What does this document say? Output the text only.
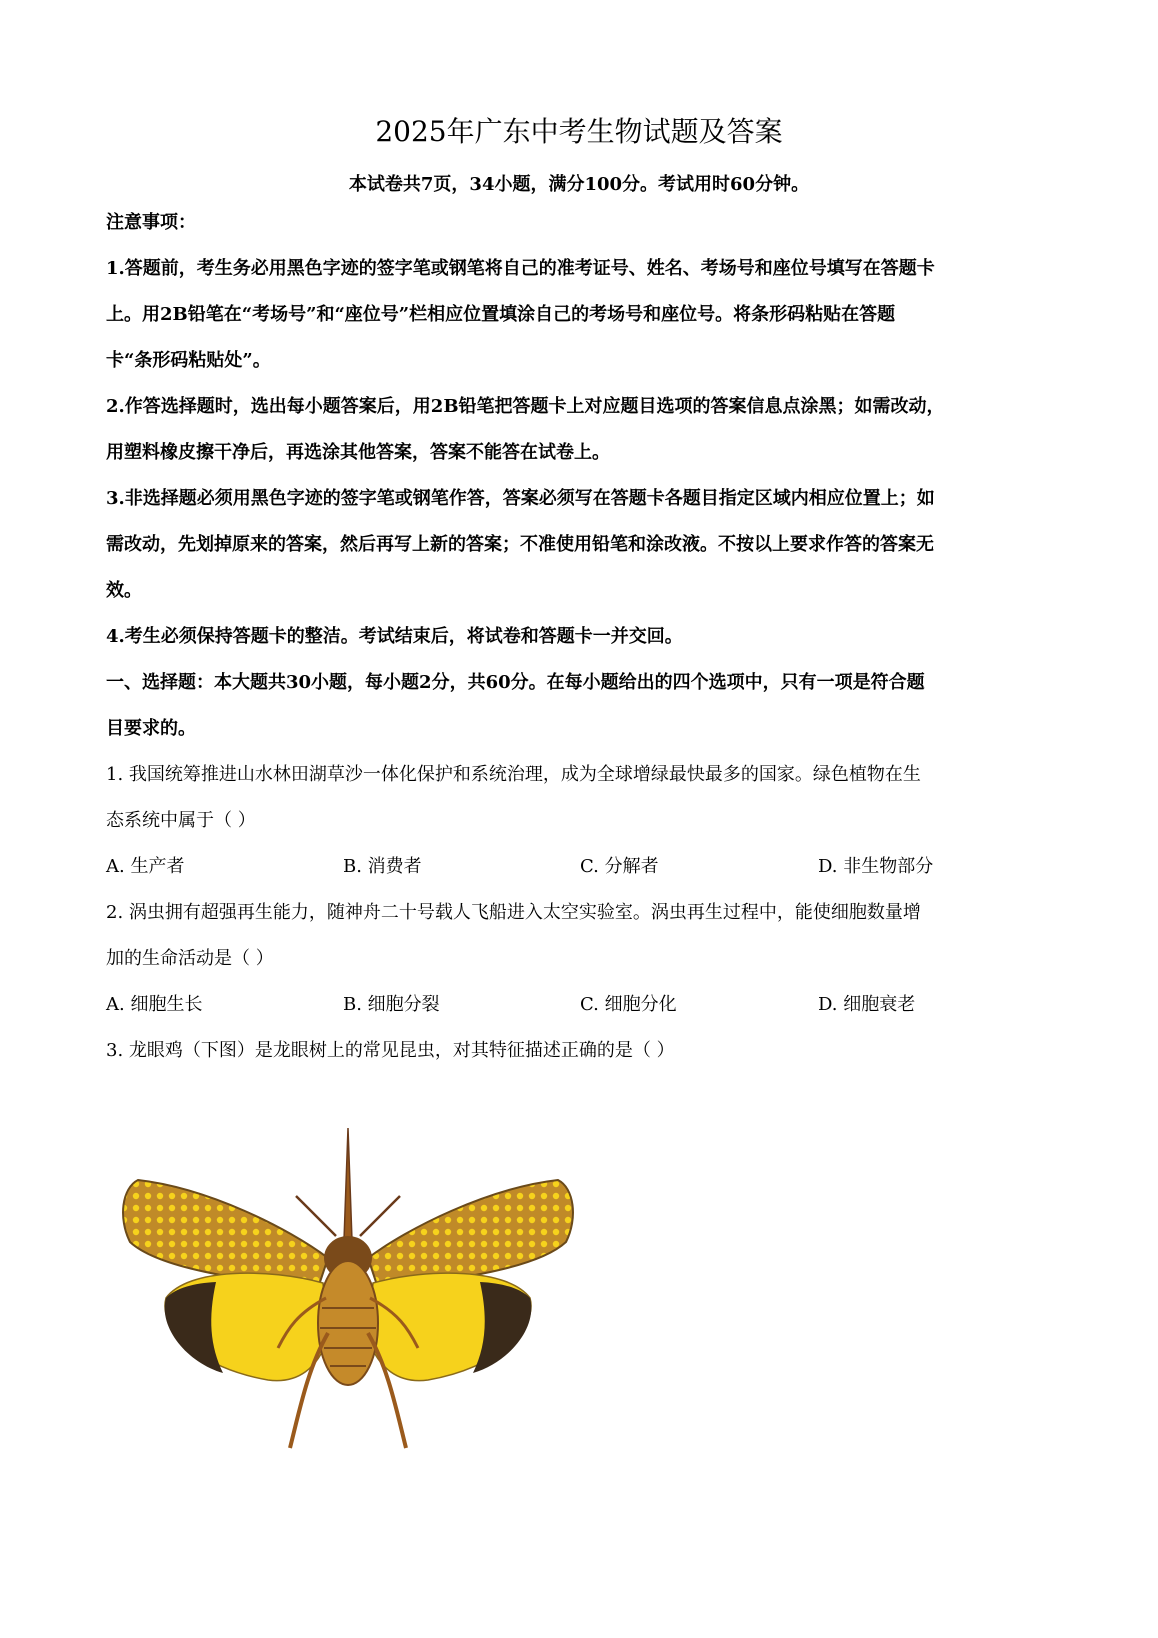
2025年广东中考生物试题及答案
本试卷共7页，34小题，满分100分。考试用时60分钟。
注意事项：
1.答题前，考生务必用黑色字迹的签字笔或钢笔将自己的准考证号、姓名、考场号和座位号填写在答题卡
上。用2B铅笔在“考场号”和“座位号”栏相应位置填涂自己的考场号和座位号。将条形码粘贴在答题
卡“条形码粘贴处”。
2.作答选择题时，选出每小题答案后，用2B铅笔把答题卡上对应题目选项的答案信息点涂黑；如需改动，
用塑料橡皮擦干净后，再选涂其他答案，答案不能答在试卷上。
3.非选择题必须用黑色字迹的签字笔或钢笔作答，答案必须写在答题卡各题目指定区域内相应位置上；如
需改动，先划掉原来的答案，然后再写上新的答案；不准使用铅笔和涂改液。不按以上要求作答的答案无
效。
4.考生必须保持答题卡的整洁。考试结束后，将试卷和答题卡一并交回。
一、选择题：本大题共30小题，每小题2分，共60分。在每小题给出的四个选项中，只有一项是符合题
目要求的。
1. 我国统筹推进山水林田湖草沙一体化保护和系统治理，成为全球增绿最快最多的国家。绿色植物在生
态系统中属于（ ）
A. 生产者	B. 消费者	C. 分解者	D. 非生物部分
2. 涡虫拥有超强再生能力，随神舟二十号载人飞船进入太空实验室。涡虫再生过程中，能使细胞数量增
加的生命活动是（ ）
A. 细胞生长	B. 细胞分裂	C. 细胞分化	D. 细胞衰老
3. 龙眼鸡（下图）是龙眼树上的常见昆虫，对其特征描述正确的是（ ）
